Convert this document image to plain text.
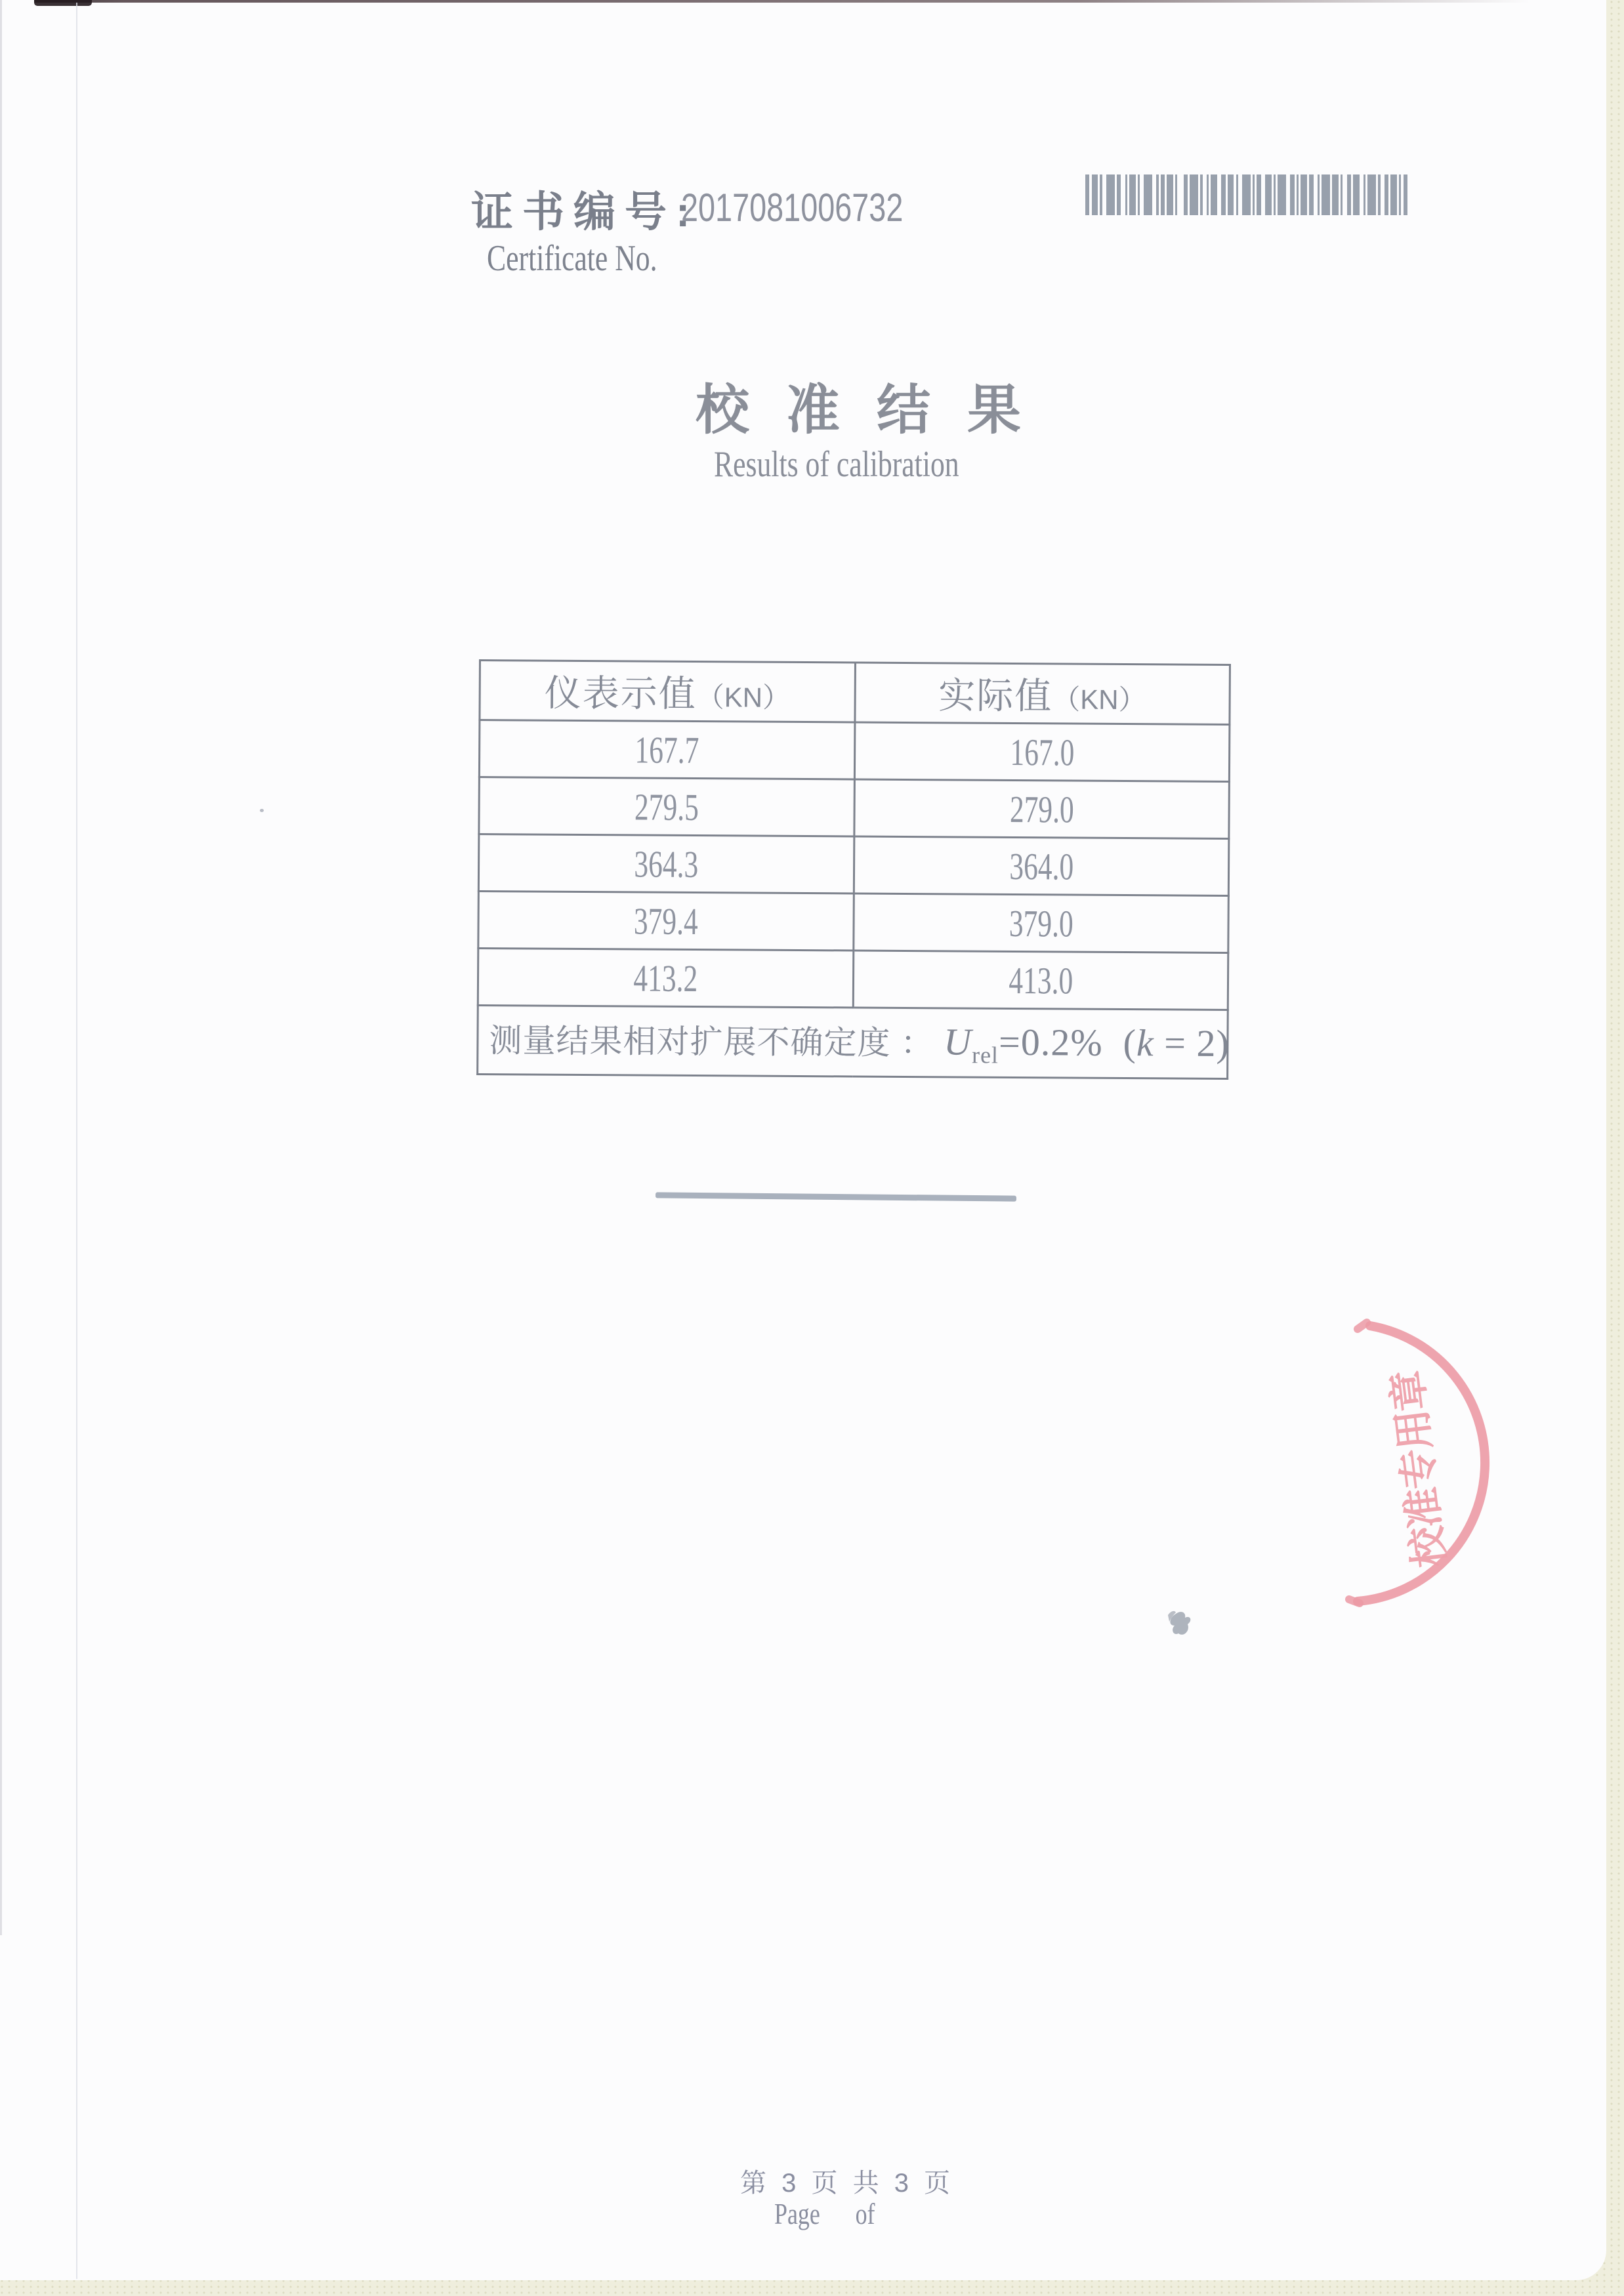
证书编号:
Certificate No.
2017081006732
校准结果
Results of calibration
仪表示值（KN）	实际值（KN）
167.7	167.0
279.5	279.0
364.3	364.0
379.4	379.0
413.2	413.0
测量结果相对扩展不确定度 ： $U_{rel}=0.2\%$ (k = 2)	
校准专用章
第 3 页 共 3 页
Page      of
